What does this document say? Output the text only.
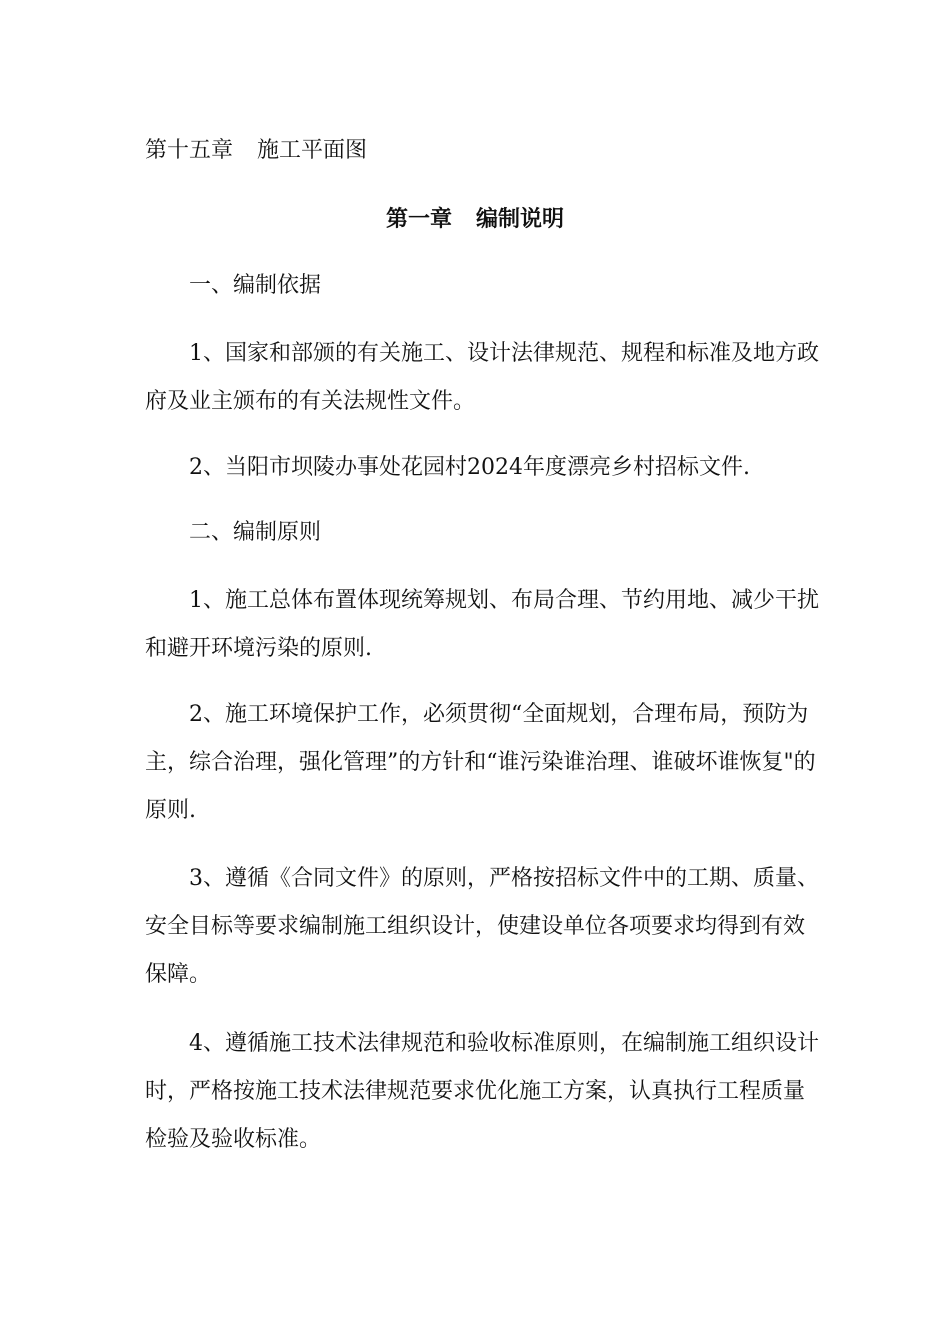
第十五章 施工平面图
第一章 编制说明
一、编制依据
1、国家和部颁的有关施工、设计法律规范、规程和标准及地方政府及业主颁布的有关法规性文件。
2、当阳市坝陵办事处花园村2024年度漂亮乡村招标文件.
二、编制原则
1、施工总体布置体现统筹规划、布局合理、节约用地、减少干扰和避开环境污染的原则.
2、施工环境保护工作，必须贯彻“全面规划，合理布局，预防为主，综合治理，强化管理”的方针和“谁污染谁治理、谁破坏谁恢复"的原则.
3、遵循《合同文件》的原则，严格按招标文件中的工期、质量、安全目标等要求编制施工组织设计，使建设单位各项要求均得到有效保障。
4、遵循施工技术法律规范和验收标准原则，在编制施工组织设计时，严格按施工技术法律规范要求优化施工方案，认真执行工程质量检验及验收标准。
